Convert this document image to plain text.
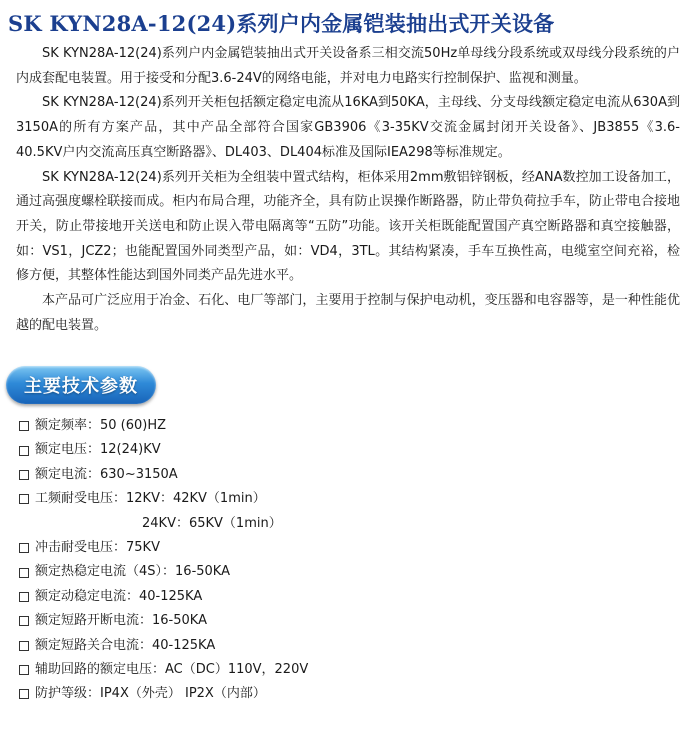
SK KYN28A-12(24)系列户内金属铠装抽出式开关设备

SK KYN28A-12(24)系列户内金属铠装抽出式开关设备系三相交流50Hz单母线分段系统或双母线分段系统的户内成套配电装置。用于接受和分配3.6-24V的网络电能，并对电力电路实行控制保护、监视和测量。

SK KYN28A-12(24)系列开关柜包括额定稳定电流从16KA到50KA，主母线、分支母线额定稳定电流从630A到3150A的所有方案产品，其中产品全部符合国家GB3906《3-35KV交流金属封闭开关设备》、JB3855《3.6-40.5KV户内交流高压真空断路器》、DL403、DL404标准及国际IEA298等标准规定。

SK KYN28A-12(24)系列开关柜为全组装中置式结构，柜体采用2mm敷铝锌钢板，经ANA数控加工设备加工，通过高强度螺栓联接而成。柜内布局合理，功能齐全，具有防止误操作断路器，防止带负荷拉手车，防止带电合接地开关，防止带接地开关送电和防止误入带电隔离等“五防”功能。该开关柜既能配置国产真空断路器和真空接触器，如：VS1，JCZ2；也能配置国外同类型产品，如：VD4，3TL。其结构紧凑，手车互换性高，电缆室空间充裕，检修方便，其整体性能达到国外同类产品先进水平。

本产品可广泛应用于冶金、石化、电厂等部门，主要用于控制与保护电动机，变压器和电容器等，是一种性能优越的配电装置。

主要技术参数
额定频率：50 (60)HZ
额定电压：12(24)KV
额定电流：630~3150A
工频耐受电压：12KV：42KV（1min）
24KV：65KV（1min）
冲击耐受电压：75KV
额定热稳定电流（4S）：16-50KA
额定动稳定电流：40-125KA
额定短路开断电流：16-50KA
额定短路关合电流：40-125KA
辅助回路的额定电压：AC（DC）110V，220V
防护等级：IP4X（外壳） IP2X（内部）
